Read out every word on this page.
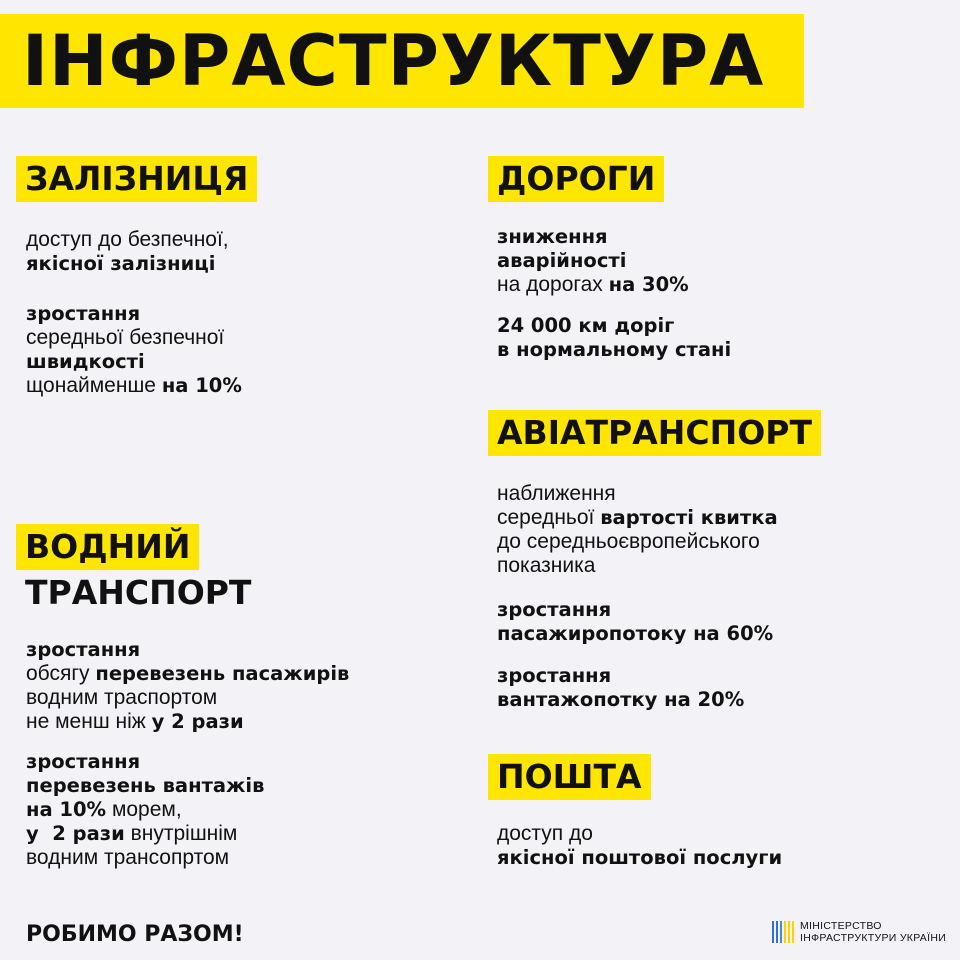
ІНФРАСТРУКТУРА
ЗАЛІЗНИЦЯ

доступ до безпечної,

якісної залізниці

зростання

середньої безпечної

швидкості

щонайменше на 10%

ДОРОГИ

зниження

аварійності

на дорогах на 30%

24 000 км доріг

в нормальному стані

АВІАТРАНСПОРТ

наближення

середньої вартості квитка

до середньоєвропейського

показника

зростання

пасажиропотоку на 60%

зростання

вантажопотку на 20%

ВОДНИЙ
ТРАНСПОРТ

зростання

обсягу перевезень пасажирів

водним траспортом

не менш ніж у 2 рази

зростання

перевезень вантажів

на 10% морем,

у  2 рази внутрішнім

водним трансопртом

ПОШТА

доступ до

якісної поштової послуги

РОБИМО РАЗОМ!	МІНІСТЕРСТВО
ІНФРАСТРУКТУРИ УКРАЇНИ
